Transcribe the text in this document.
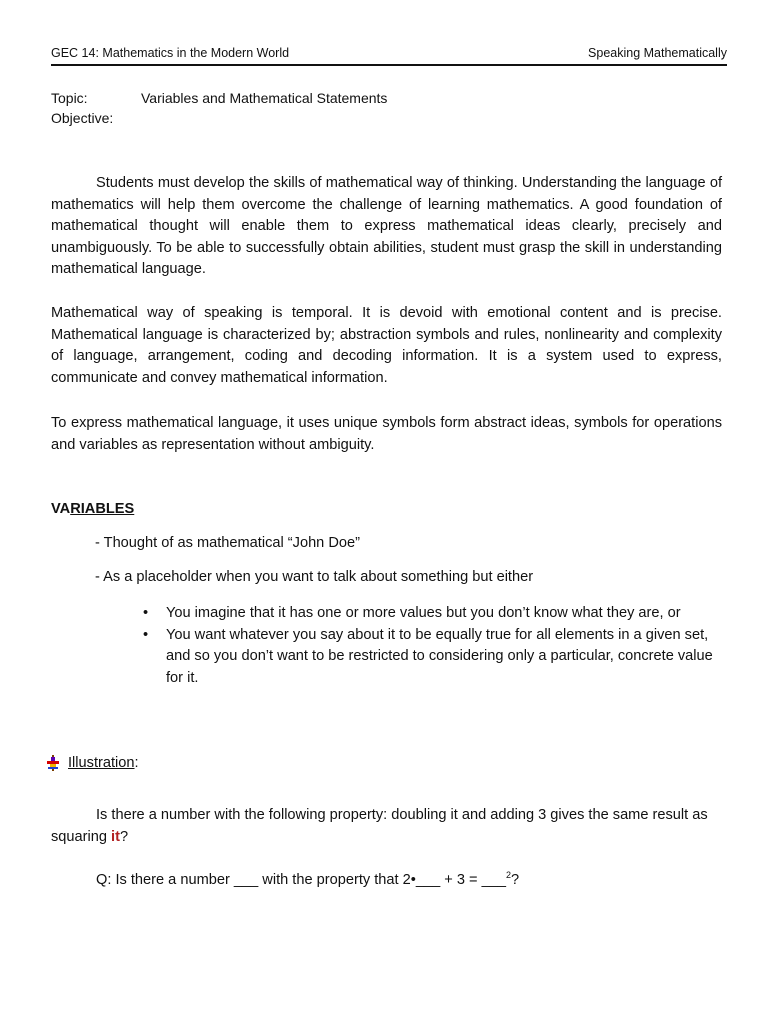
GEC 14: Mathematics in the Modern World	Speaking Mathematically
Topic:	Variables and Mathematical Statements
Objective:

Students must develop the skills of mathematical way of thinking. Understanding the language of mathematics will help them overcome the challenge of learning mathematics. A good foundation of mathematical thought will enable them to express mathematical ideas clearly, precisely and unambiguously. To be able to successfully obtain abilities, student must grasp the skill in understanding mathematical language.

Mathematical way of speaking is temporal. It is devoid with emotional content and is precise. Mathematical language is characterized by; abstraction symbols and rules, nonlinearity and complexity of language, arrangement, coding and decoding information. It is a system used to express, communicate and convey mathematical information.

To express mathematical language, it uses unique symbols form abstract ideas, symbols for operations and variables as representation without ambiguity.

VARIABLES
- Thought of as mathematical “John Doe”
- As a placeholder when you want to talk about something but either
• You imagine that it has one or more values but you don’t know what they are, or
• You want whatever you say about it to be equally true for all elements in a given set, and so you don’t want to be restricted to considering only a particular, concrete value for it.
Illustration :

Is there a number with the following property: doubling it and adding 3 gives the same result as squaring it?

Q: Is there a number ___ with the property that 2•___ + 3 = ___$^2$?
